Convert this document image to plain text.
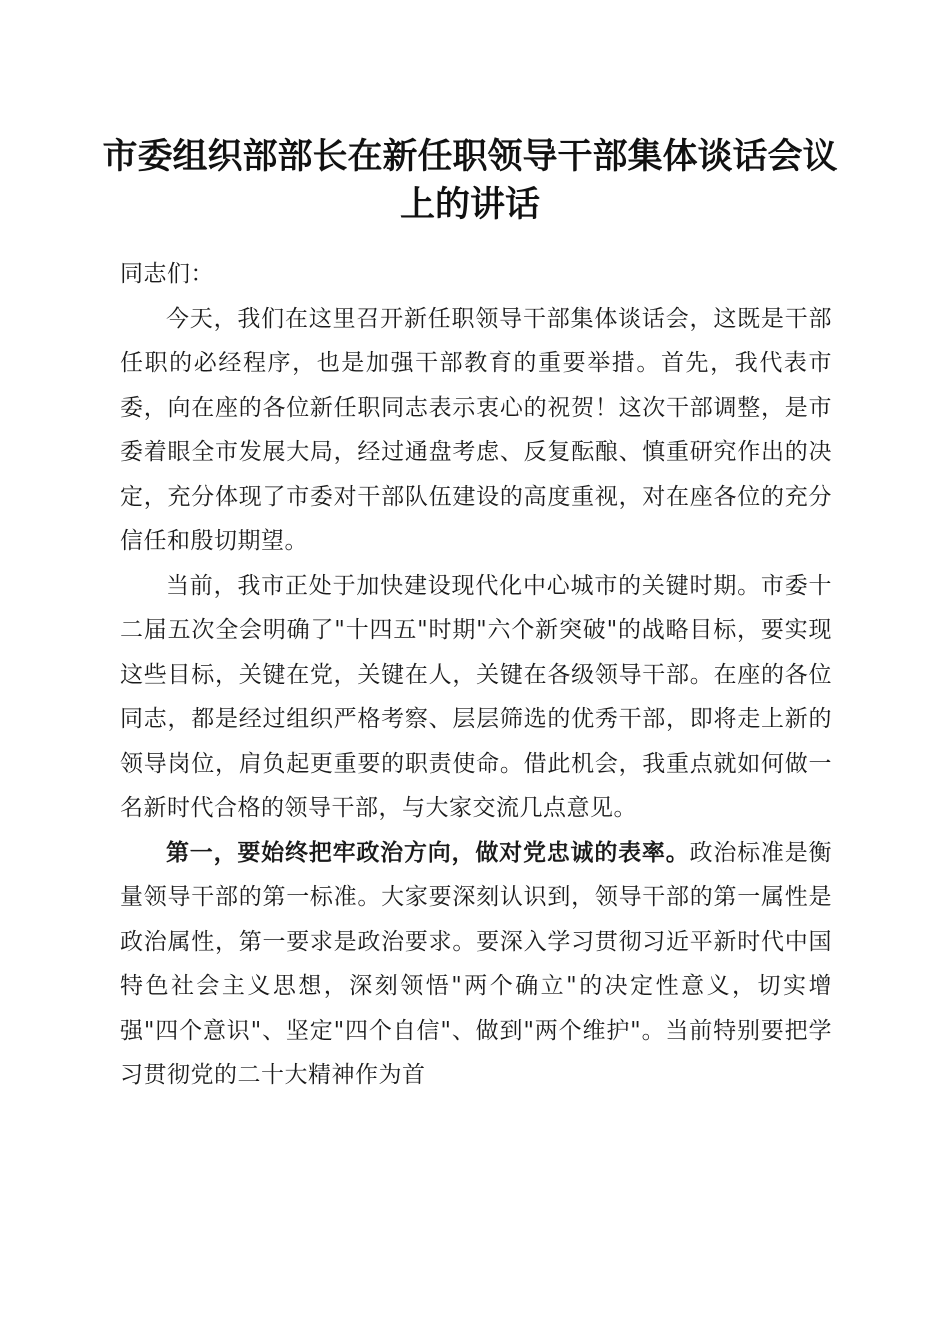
市委组织部部长在新任职领导干部集体谈话会议上的讲话

同志们：

今天，我们在这里召开新任职领导干部集体谈话会，这既是干部任职的必经程序，也是加强干部教育的重要举措。首先，我代表市委，向在座的各位新任职同志表示衷心的祝贺！这次干部调整，是市委着眼全市发展大局，经过通盘考虑、反复酝酿、慎重研究作出的决定，充分体现了市委对干部队伍建设的高度重视，对在座各位的充分信任和殷切期望。

当前，我市正处于加快建设现代化中心城市的关键时期。市委十二届五次全会明确了"十四五"时期"六个新突破"的战略目标，要实现这些目标，关键在党，关键在人，关键在各级领导干部。在座的各位同志，都是经过组织严格考察、层层筛选的优秀干部，即将走上新的领导岗位，肩负起更重要的职责使命。借此机会，我重点就如何做一名新时代合格的领导干部，与大家交流几点意见。

第一，要始终把牢政治方向，做对党忠诚的表率。政治标准是衡量领导干部的第一标准。大家要深刻认识到，领导干部的第一属性是政治属性，第一要求是政治要求。要深入学习贯彻习近平新时代中国特色社会主义思想，深刻领悟"两个确立"的决定性意义，切实增强"四个意识"、坚定"四个自信"、做到"两个维护"。当前特别要把学习贯彻党的二十大精神作为首
